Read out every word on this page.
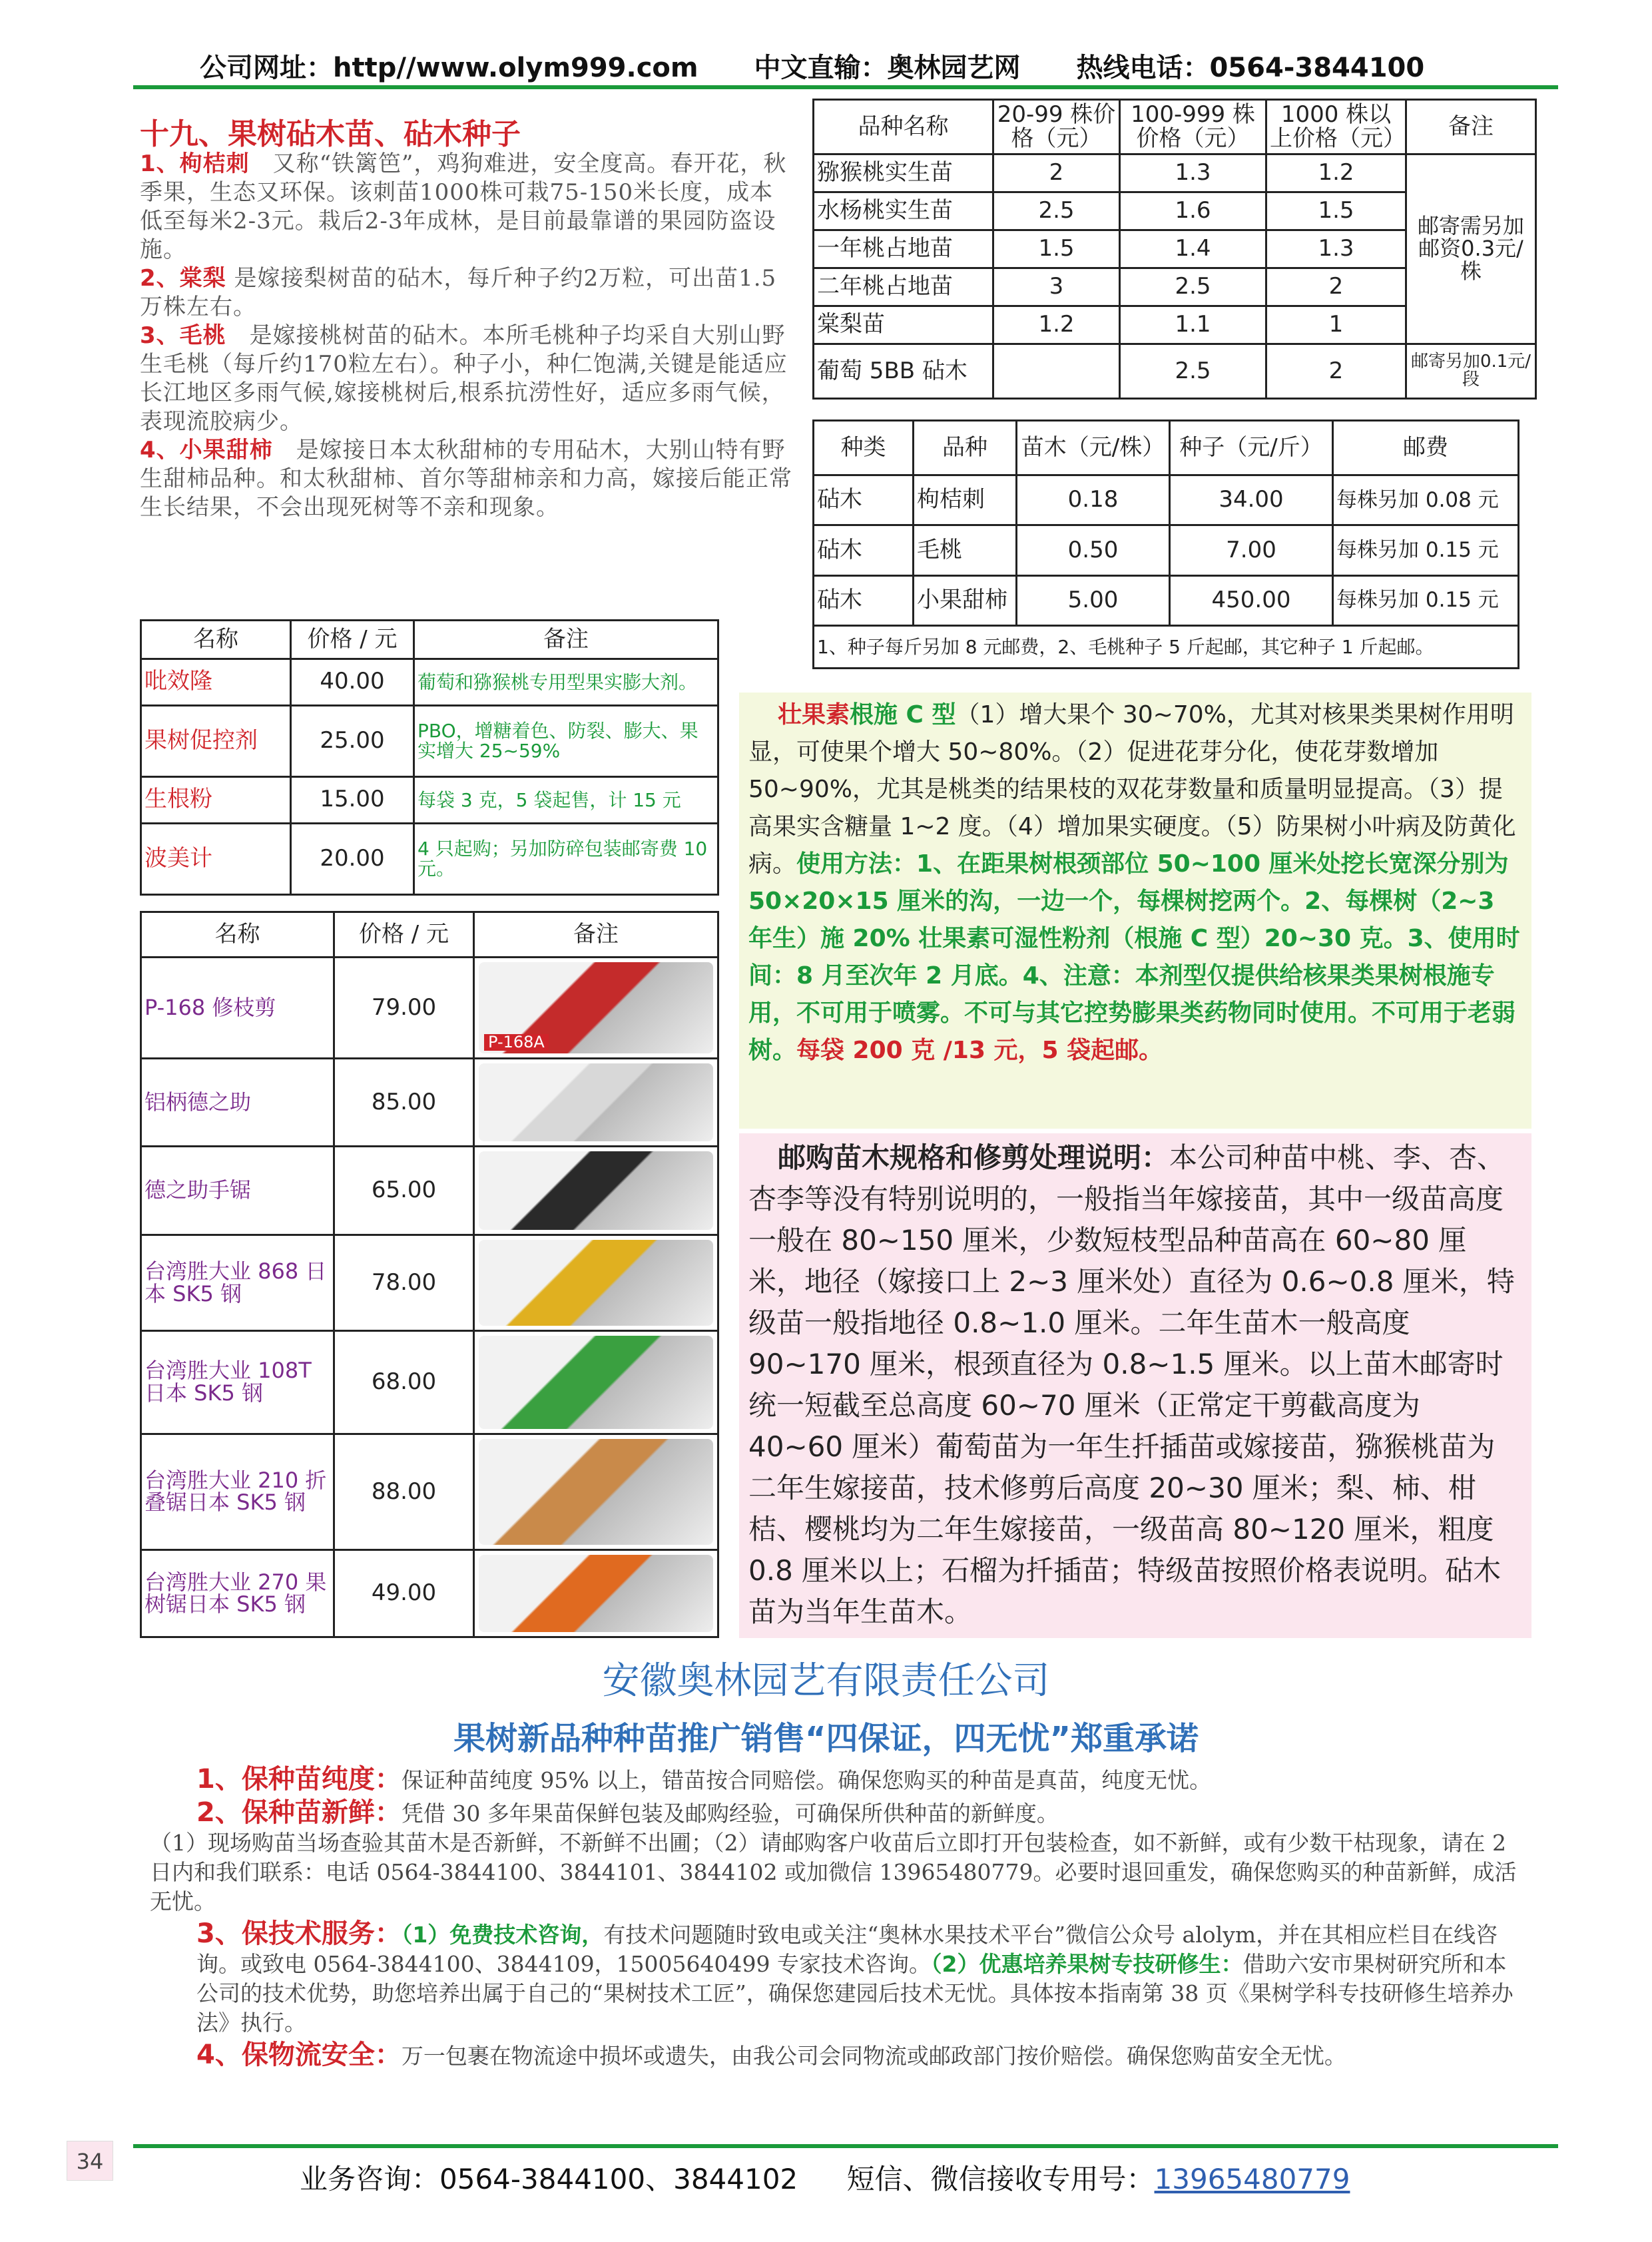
公司网址：http//www.olym999.com 中文直输：奥林园艺网 热线电话：0564-3844100
十九、果树砧木苗、砧木种子

1、枸桔刺　又称“铁篱笆”，鸡狗难进，安全度高。春开花，秋季果，生态又环保。该刺苗1000株可栽75-150米长度，成本低至每米2-3元。栽后2-3年成林，是目前最靠谱的果园防盗设施。

2、棠梨 是嫁接梨树苗的砧木，每斤种子约2万粒，可出苗1.5万株左右。

3、毛桃　是嫁接桃树苗的砧木。本所毛桃种子均采自大别山野生毛桃（每斤约170粒左右）。种子小，种仁饱满,关键是能适应长江地区多雨气候,嫁接桃树后,根系抗涝性好，适应多雨气候，表现流胶病少。

4、小果甜柿　是嫁接日本太秋甜柿的专用砧木，大别山特有野生甜柿品种。和太秋甜柿、首尔等甜柿亲和力高，嫁接后能正常生长结果，不会出现死树等不亲和现象。

品种名称	20-99 株价格（元）	100-999 株价格（元）	1000 株以上价格（元）	备注
猕猴桃实生苗	2	1.3	1.2	邮寄需另加邮资0.3元/株
水杨桃实生苗	2.5	1.6	1.5	
一年桃占地苗	1.5	1.4	1.3	
二年桃占地苗	3	2.5	2	
棠梨苗	1.2	1.1	1	
葡萄 5BB 砧木		2.5	2	邮寄另加0.1元/段
种类	品种	苗木（元/株）	种子（元/斤）	邮费
砧木	枸桔刺	0.18	34.00	每株另加 0.08 元
砧木	毛桃	0.50	7.00	每株另加 0.15 元
砧木	小果甜柿	5.00	450.00	每株另加 0.15 元
1、种子每斤另加 8 元邮费，2、毛桃种子 5 斤起邮，其它种子 1 斤起邮。				
名称	价格 / 元	备注
吡效隆	40.00	葡萄和猕猴桃专用型果实膨大剂。
果树促控剂	25.00	PBO，增糖着色、防裂、膨大、果实增大 25~59%
生根粉	15.00	每袋 3 克，5 袋起售，计 15 元
波美计	20.00	4 只起购；另加防碎包装邮寄费 10 元。
名称	价格 / 元	备注
P-168 修枝剪	79.00	P-168A

铝柄德之助	85.00	

德之助手锯	65.00	

台湾胜大业 868 日本 SK5 钢	78.00	

台湾胜大业 108T 日本 SK5 钢	68.00	

台湾胜大业 210 折叠锯日本 SK5 钢	88.00	

台湾胜大业 270 果树锯日本 SK5 钢	49.00	
壮果素根施 C 型（1）增大果个 30~70%，尤其对核果类果树作用明显，可使果个增大 50~80%。（2）促进花芽分化，使花芽数增加 50~90%，尤其是桃类的结果枝的双花芽数量和质量明显提高。（3）提高果实含糖量 1~2 度。（4）增加果实硬度。（5）防果树小叶病及防黄化病。使用方法：1、在距果树根颈部位 50~100 厘米处挖长宽深分别为 50×20×15 厘米的沟，一边一个，每棵树挖两个。2、每棵树（2~3 年生）施 20% 壮果素可湿性粉剂（根施 C 型）20~30 克。3、使用时间：8 月至次年 2 月底。4、注意：本剂型仅提供给核果类果树根施专用，不可用于喷雾。不可与其它控势膨果类药物同时使用。不可用于老弱树。每袋 200 克 /13 元，5 袋起邮。
邮购苗木规格和修剪处理说明：本公司种苗中桃、李、杏、杏李等没有特别说明的，一般指当年嫁接苗，其中一级苗高度一般在 80~150 厘米，少数短枝型品种苗高在 60~80 厘米，地径（嫁接口上 2~3 厘米处）直径为 0.6~0.8 厘米，特级苗一般指地径 0.8~1.0 厘米。二年生苗木一般高度 90~170 厘米，根颈直径为 0.8~1.5 厘米。以上苗木邮寄时统一短截至总高度 60~70 厘米（正常定干剪截高度为 40~60 厘米）葡萄苗为一年生扦插苗或嫁接苗，猕猴桃苗为二年生嫁接苗，技术修剪后高度 20~30 厘米；梨、柿、柑桔、樱桃均为二年生嫁接苗，一级苗高 80~120 厘米，粗度 0.8 厘米以上；石榴为扦插苗；特级苗按照价格表说明。砧木苗为当年生苗木。
安徽奥林园艺有限责任公司
果树新品种种苗推广销售“四保证，四无忧”郑重承诺

1、保种苗纯度：保证种苗纯度 95% 以上，错苗按合同赔偿。确保您购买的种苗是真苗，纯度无忧。

2、保种苗新鲜：凭借 30 多年果苗保鲜包装及邮购经验，可确保所供种苗的新鲜度。

（1）现场购苗当场查验其苗木是否新鲜，不新鲜不出圃；（2）请邮购客户收苗后立即打开包装检查，如不新鲜，或有少数干枯现象，请在 2 日内和我们联系：电话 0564-3844100、3844101、3844102 或加微信 13965480779。必要时退回重发，确保您购买的种苗新鲜，成活无忧。

3、保技术服务：（1）免费技术咨询，有技术问题随时致电或关注“奥林水果技术平台”微信公众号 alolym，并在其相应栏目在线咨询。或致电 0564-3844100、3844109，15005640499 专家技术咨询。（2）优惠培养果树专技研修生：借助六安市果树研究所和本公司的技术优势，助您培养出属于自己的“果树技术工匠”，确保您建园后技术无忧。具体按本指南第 38 页《果树学科专技研修生培养办法》执行。

4、保物流安全：万一包裹在物流途中损坏或遗失，由我公司会同物流或邮政部门按价赔偿。确保您购苗安全无忧。

34
业务咨询：0564-3844100、3844102 短信、微信接收专用号：13965480779
